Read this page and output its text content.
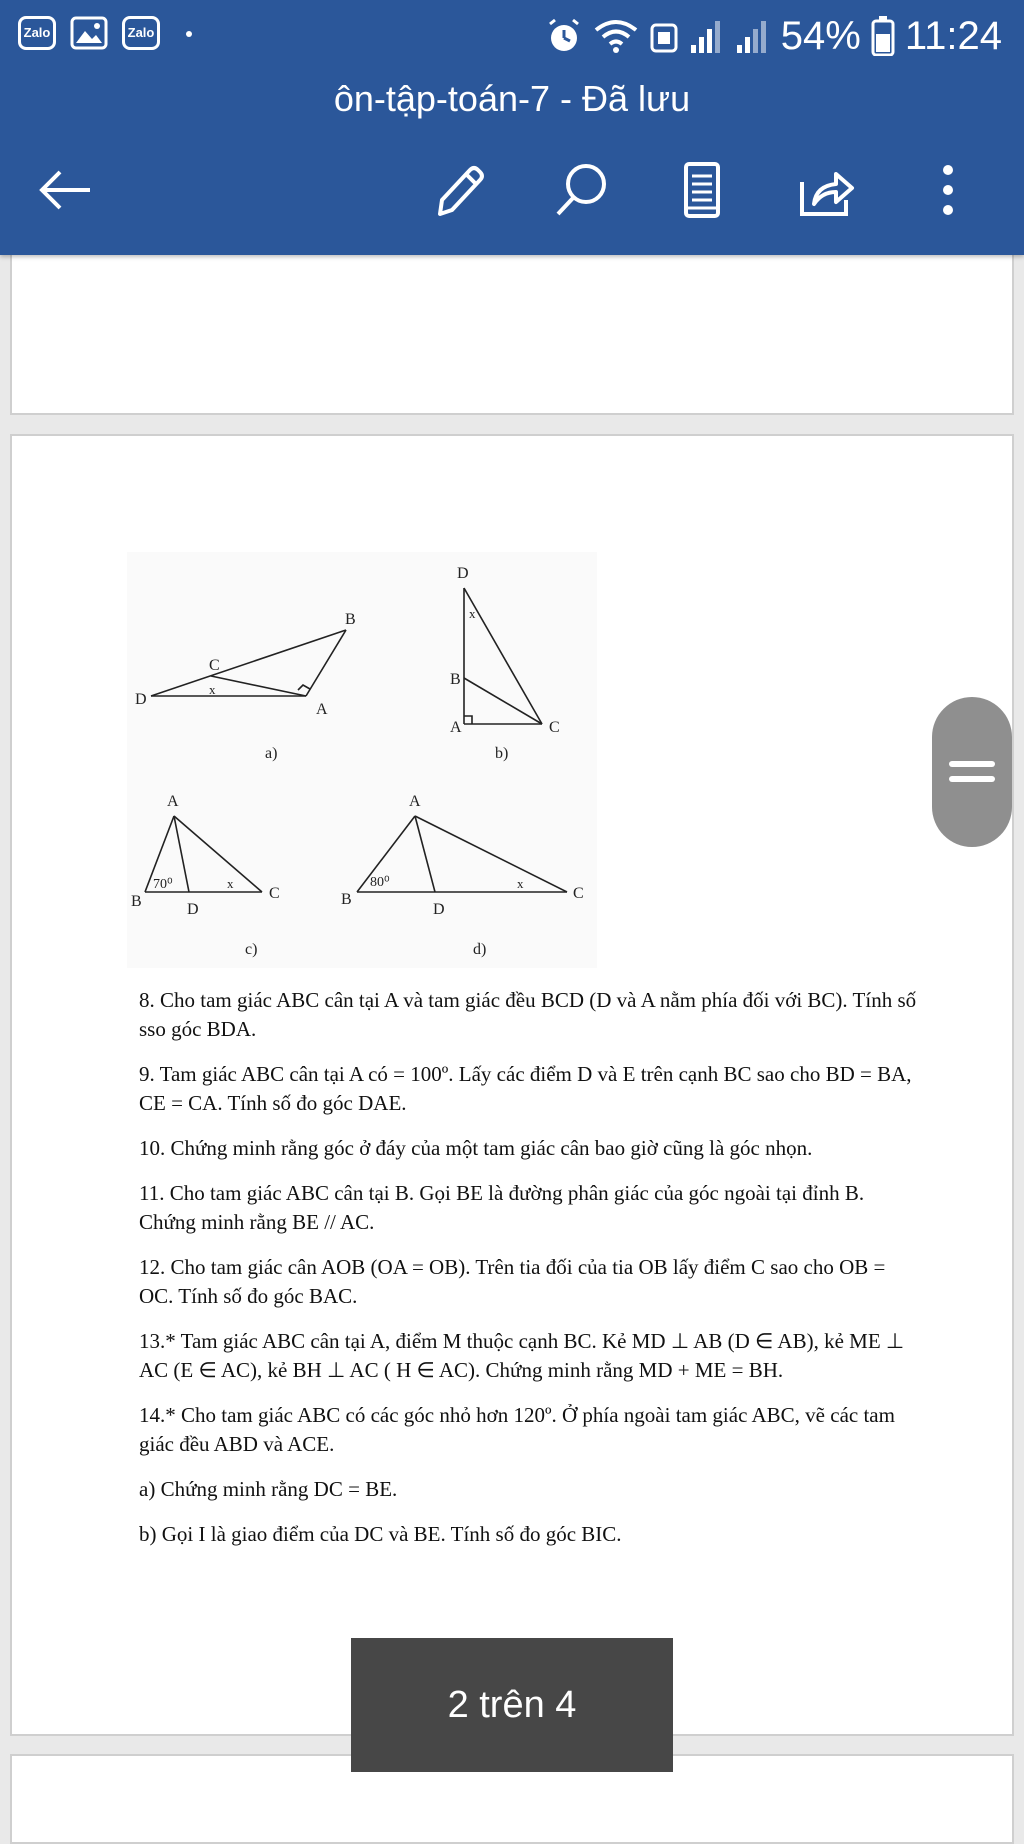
D
C
B
A
x
a)
D
x
B
A	C
b)
A
B	D
C
70⁰	x
c)
A
B
D
C
80⁰	x
d)

8. Cho tam giác ABC cân tại A và tam giác đều BCD (D và A nằm phía đối với BC). Tính số sso góc BDA.

9. Tam giác ABC cân tại A có = 100º. Lấy các điểm D và E trên cạnh BC sao cho BD = BA, CE = CA. Tính số đo góc DAE.

10. Chứng minh rằng góc ở đáy của một tam giác cân bao giờ cũng là góc nhọn.

11. Cho tam giác ABC cân tại B. Gọi BE là đường phân giác của góc ngoài tại đỉnh B. Chứng minh rằng BE // AC.

12. Cho tam giác cân AOB (OA = OB). Trên tia đối của tia OB lấy điểm C sao cho OB = OC. Tính số đo góc BAC.

13.* Tam giác ABC cân tại A, điểm M thuộc cạnh BC. Kẻ MD ⊥ AB (D ∈ AB), kẻ ME ⊥ AC (E ∈ AC), kẻ BH ⊥ AC ( H ∈ AC). Chứng minh rằng MD + ME = BH.

14.* Cho tam giác ABC có các góc nhỏ hơn 120º. Ở phía ngoài tam giác ABC, vẽ các tam giác đều ABD và ACE.

a) Chứng minh rằng DC = BE.

b) Gọi I là giao điểm của DC và BE. Tính số đo góc BIC.

Zalo	Zalo	54% 11:24
ôn-tập-toán-7 - Đã lưu
2 trên 4
